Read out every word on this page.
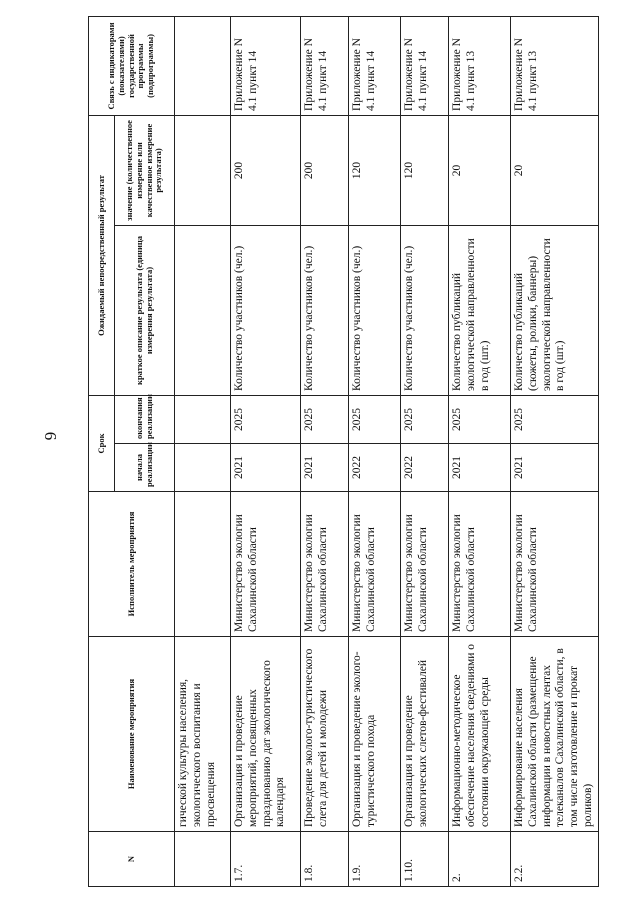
6
N	Наименование мероприятия	Исполнитель мероприятия	Срок		Ожидаемый непосредственный результат		Связь с индикаторами (показателями) государственной программы (подпрограммы)
			начала реализации	окончания реализации	краткое описание результата (единица измерения результата)	значение (количественное измерение или качественное измерение результата)	
	гической культуры населения, экологического воспитания и просвещения						
1.7.	Организация и проведение мероприятий, посвященных празднованию дат экологического календаря	Министерство экологии Сахалинской области	2021	2025	Количество участников (чел.)	200	Приложение N 4.1 пункт 14
1.8.	Проведение эколого-туристического слета для детей и молодежи	Министерство экологии Сахалинской области	2021	2025	Количество участников (чел.)	200	Приложение N 4.1 пункт 14
1.9.	Организация и проведение эколого-туристического похода	Министерство экологии Сахалинской области	2022	2025	Количество участников (чел.)	120	Приложение N 4.1 пункт 14
1.10.	Организация и проведение экологических слетов-фестивалей	Министерство экологии Сахалинской области	2022	2025	Количество участников (чел.)	120	Приложение N 4.1 пункт 14
2.	Информационно-методическое обеспечение населения сведениями о состоянии окружающей среды	Министерство экологии Сахалинской области	2021	2025	Количество публикаций экологической направленности в год (шт.)	20	Приложение N 4.1 пункт 13
2.2.	Информирование населения Сахалинской области (размещение информации в новостных лентах телеканалов Сахалинской области, в том числе изготовление и прокат роликов)	Министерство экологии Сахалинской области	2021	2025	Количество публикаций (сюжеты, ролики, баннеры) экологической направленности в год (шт.)	20	Приложение N 4.1 пункт 13
